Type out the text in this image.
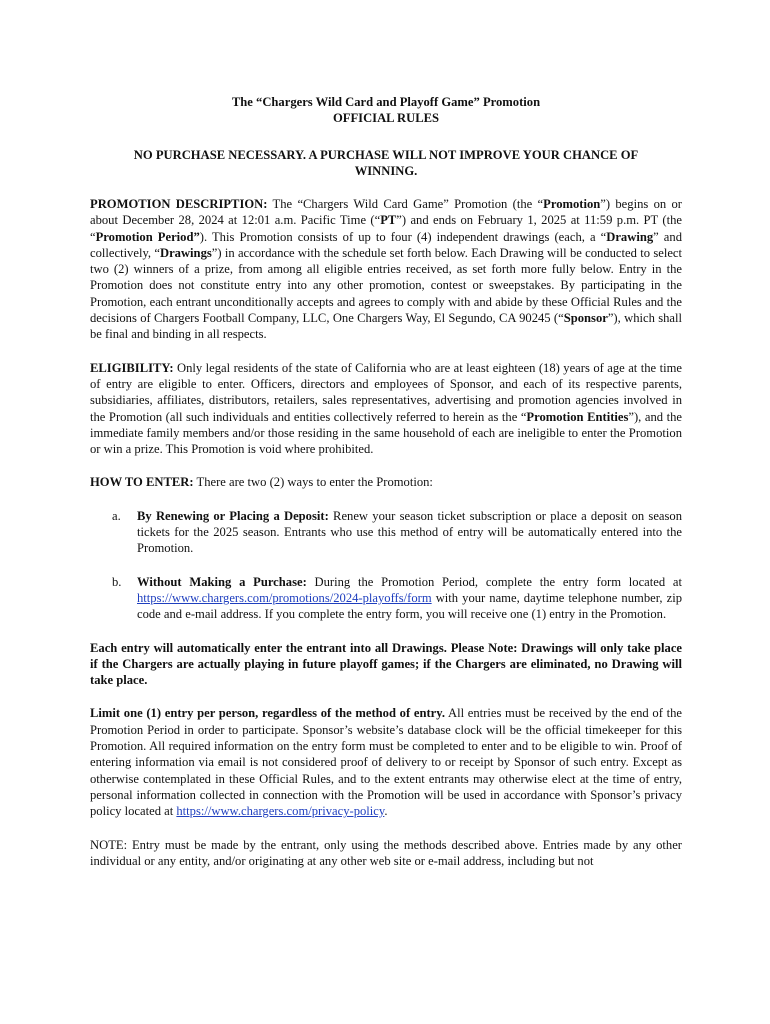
The “Chargers Wild Card and Playoff Game” Promotion
OFFICIAL RULES

NO PURCHASE NECESSARY. A PURCHASE WILL NOT IMPROVE YOUR CHANCE OF
WINNING.

PROMOTION DESCRIPTION: The “Chargers Wild Card Game” Promotion (the “Promotion”) begins on or about December 28, 2024 at 12:01 a.m. Pacific Time (“PT”) and ends on February 1, 2025 at 11:59 p.m. PT (the “Promotion Period”). This Promotion consists of up to four (4) independent drawings (each, a “Drawing” and collectively, “Drawings”) in accordance with the schedule set forth below. Each Drawing will be conducted to select two (2) winners of a prize, from among all eligible entries received, as set forth more fully below. Entry in the Promotion does not constitute entry into any other promotion, contest or sweepstakes. By participating in the Promotion, each entrant unconditionally accepts and agrees to comply with and abide by these Official Rules and the decisions of Chargers Football Company, LLC, One Chargers Way, El Segundo, CA 90245 (“Sponsor”), which shall be final and binding in all respects.

ELIGIBILITY: Only legal residents of the state of California who are at least eighteen (18) years of age at the time of entry are eligible to enter. Officers, directors and employees of Sponsor, and each of its respective parents, subsidiaries, affiliates, distributors, retailers, sales representatives, advertising and promotion agencies involved in the Promotion (all such individuals and entities collectively referred to herein as the “Promotion Entities”), and the immediate family members and/or those residing in the same household of each are ineligible to enter the Promotion or win a prize. This Promotion is void where prohibited.

HOW TO ENTER: There are two (2) ways to enter the Promotion:

a. By Renewing or Placing a Deposit: Renew your season ticket subscription or place a deposit on season tickets for the 2025 season. Entrants who use this method of entry will be automatically entered into the Promotion.
b. Without Making a Purchase: During the Promotion Period, complete the entry form located at https://www.chargers.com/promotions/2024-playoffs/form with your name, daytime telephone number, zip code and e-mail address. If you complete the entry form, you will receive one (1) entry in the Promotion.

Each entry will automatically enter the entrant into all Drawings. Please Note: Drawings will only take place if the Chargers are actually playing in future playoff games; if the Chargers are eliminated, no Drawing will take place.

Limit one (1) entry per person, regardless of the method of entry. All entries must be received by the end of the Promotion Period in order to participate. Sponsor’s website’s database clock will be the official timekeeper for this Promotion. All required information on the entry form must be completed to enter and to be eligible to win. Proof of entering information via email is not considered proof of delivery to or receipt by Sponsor of such entry. Except as otherwise contemplated in these Official Rules, and to the extent entrants may otherwise elect at the time of entry, personal information collected in connection with the Promotion will be used in accordance with Sponsor’s privacy policy located at https://www.chargers.com/privacy-policy.

NOTE: Entry must be made by the entrant, only using the methods described above. Entries made by any other individual or any entity, and/or originating at any other web site or e-mail address, including but not
